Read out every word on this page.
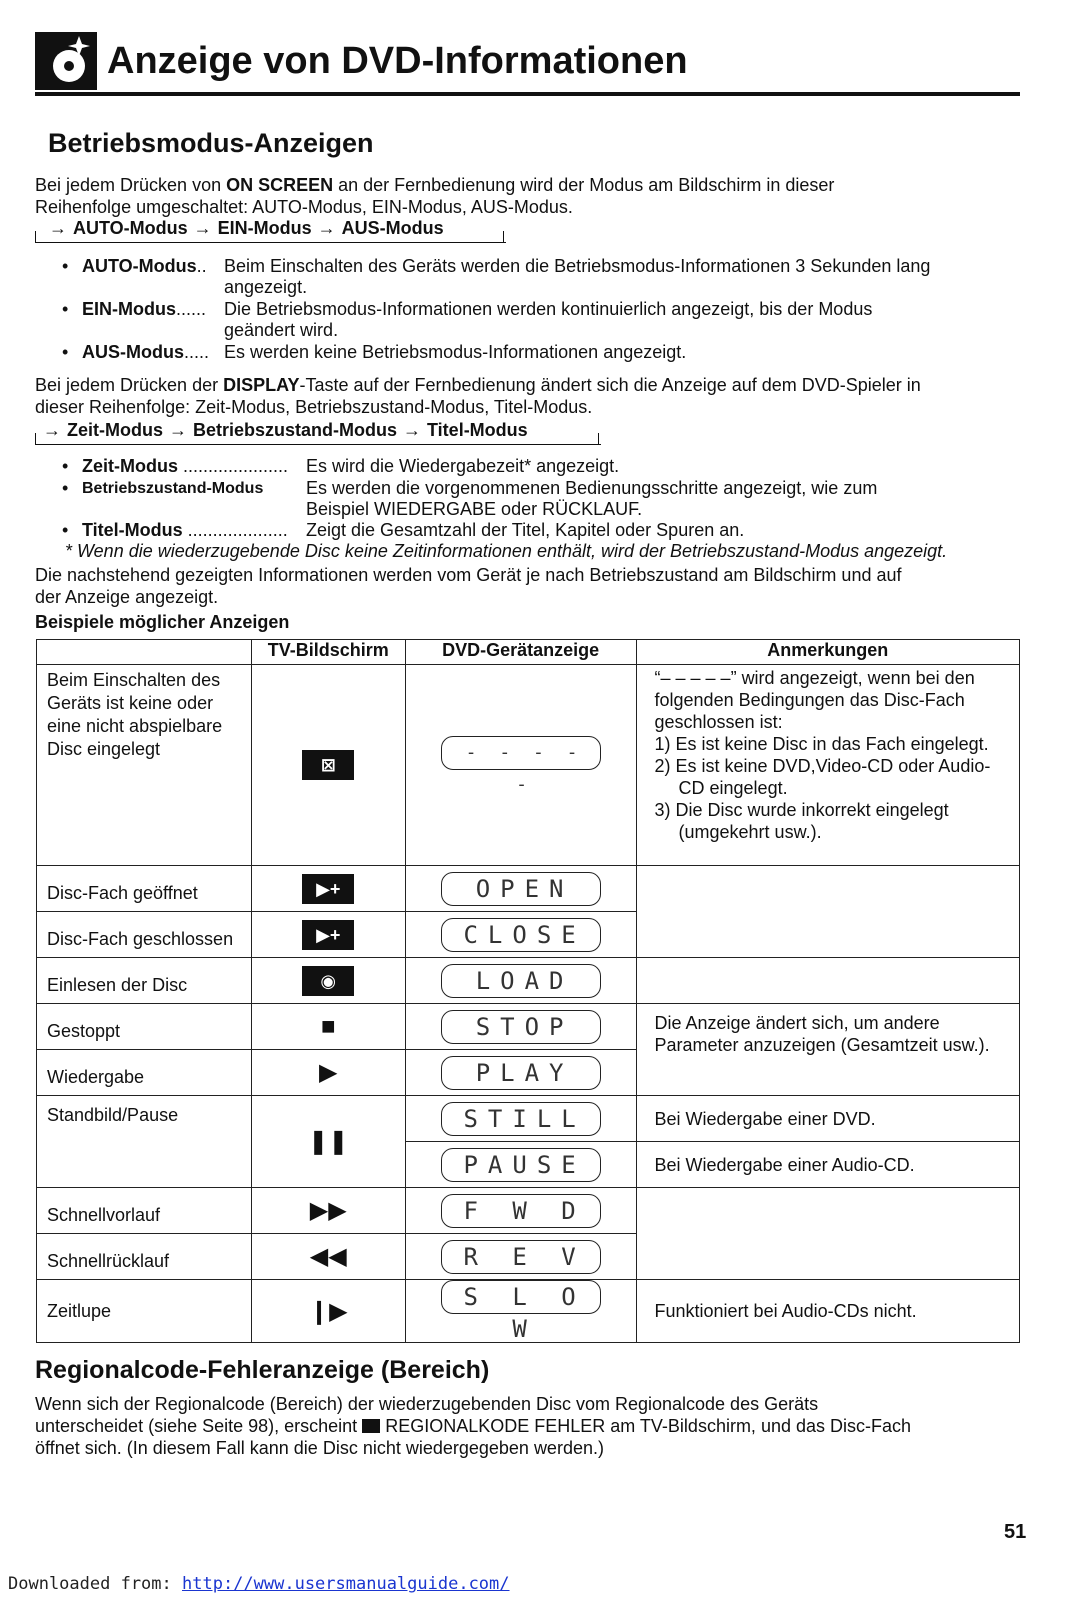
Anzeige von DVD-Informationen
Betriebsmodus-Anzeigen
Bei jedem Drücken von ON SCREEN an der Fernbedienung wird der Modus am Bildschirm in dieser
Reihenfolge umgeschaltet: AUTO-Modus, EIN-Modus, AUS-Modus.
→ AUTO-Modus → EIN-Modus → AUS-Modus
• AUTO-Modus.. Beim Einschalten des Geräts werden die Betriebsmodus-Informationen 3 Sekunden lang
angezeigt.
• EIN-Modus...... Die Betriebsmodus-Informationen werden kontinuierlich angezeigt, bis der Modus
geändert wird.
• AUS-Modus..... Es werden keine Betriebsmodus-Informationen angezeigt.
Bei jedem Drücken der DISPLAY-Taste auf der Fernbedienung ändert sich die Anzeige auf dem DVD-Spieler in
dieser Reihenfolge: Zeit-Modus, Betriebszustand-Modus, Titel-Modus.
→ Zeit-Modus → Betriebszustand-Modus → Titel-Modus
• Zeit-Modus ..................... Es wird die Wiedergabezeit* angezeigt.
• Betriebszustand-Modus Es werden die vorgenommenen Bedienungsschritte angezeigt, wie zum
Beispiel WIEDERGABE oder RÜCKLAUF.
• Titel-Modus .................... Zeigt die Gesamtzahl der Titel, Kapitel oder Spuren an.
* Wenn die wiederzugebende Disc keine Zeitinformationen enthält, wird der Betriebszustand-Modus angezeigt.
Die nachstehend gezeigten Informationen werden vom Gerät je nach Betriebszustand am Bildschirm und auf
der Anzeige angezeigt.
Beispiele möglicher Anzeigen
	TV-Bildschirm	DVD-Gerätanzeige	Anmerkungen
Beim Einschalten des Geräts ist keine oder eine nicht abspielbare Disc eingelegt	⊠	- - - - -	“– – – – –” wird angezeigt, wenn bei den folgenden Bedingungen das Disc-Fach geschlossen ist:
1) Es ist keine Disc in das Fach eingelegt.
2) Es ist keine DVD,Video-CD oder Audio-CD eingelegt.
3) Die Disc wurde inkorrekt eingelegt (umgekehrt usw.).

Disc-Fach geöffnet	▶+	OPEN	
Disc-Fach geschlossen	▶+	CLOSE	
Einlesen der Disc	◉	LOAD	
Gestoppt	■	STOP	Die Anzeige ändert sich, um andere Parameter anzuzeigen (Gesamtzeit usw.).
Wiedergabe	▶	PLAY	
Standbild/Pause	❚❚	STILL	Bei Wiedergabe einer DVD.
		PAUSE	Bei Wiedergabe einer Audio-CD.
Schnellvorlauf	▶▶	F W D	
Schnellrücklauf	◀◀	R E V	
Zeitlupe	❙▶	S L O W	Funktioniert bei Audio-CDs nicht.
Regionalcode-Fehleranzeige (Bereich)
Wenn sich der Regionalcode (Bereich) der wiederzugebenden Disc vom Regionalcode des Geräts
unterscheidet (siehe Seite 98), erscheint  REGIONALKODE FEHLER am TV-Bildschirm, und das Disc-Fach
öffnet sich. (In diesem Fall kann die Disc nicht wiedergegeben werden.)
51
Downloaded from: http://www.usersmanualguide.com/
